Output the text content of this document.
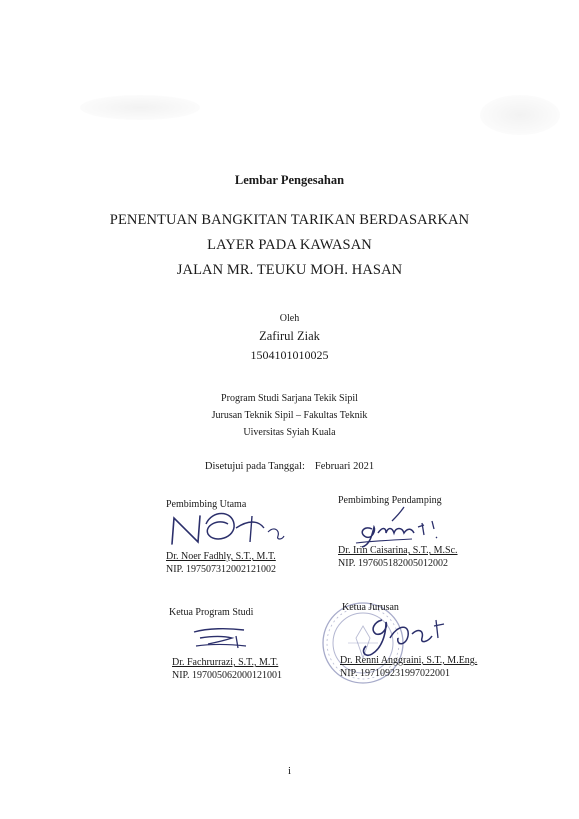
Lembar Pengesahan
PENENTUAN BANGKITAN TARIKAN BERDASARKAN
LAYER PADA KAWASAN
JALAN MR. TEUKU MOH. HASAN
Oleh
Zafirul Ziak
1504101010025
Program Studi Sarjana Tekik Sipil
Jurusan Teknik Sipil – Fakultas Teknik
Uiversitas Syiah Kuala
Disetujui pada Tanggal: Februari 2021
Pembimbing Utama
Dr. Noer Fadhly, S.T., M.T.
NIP. 197507312002121002
Pembimbing Pendamping
Dr. Irin Caisarina, S.T., M.Sc.
NIP. 197605182005012002
Ketua Program Studi
Dr. Fachrurrazi, S.T., M.T.
NIP. 197005062000121001
Ketua Jurusan
Dr. Renni Anggraini, S.T., M.Eng.
NIP. 197109231997022001
i
